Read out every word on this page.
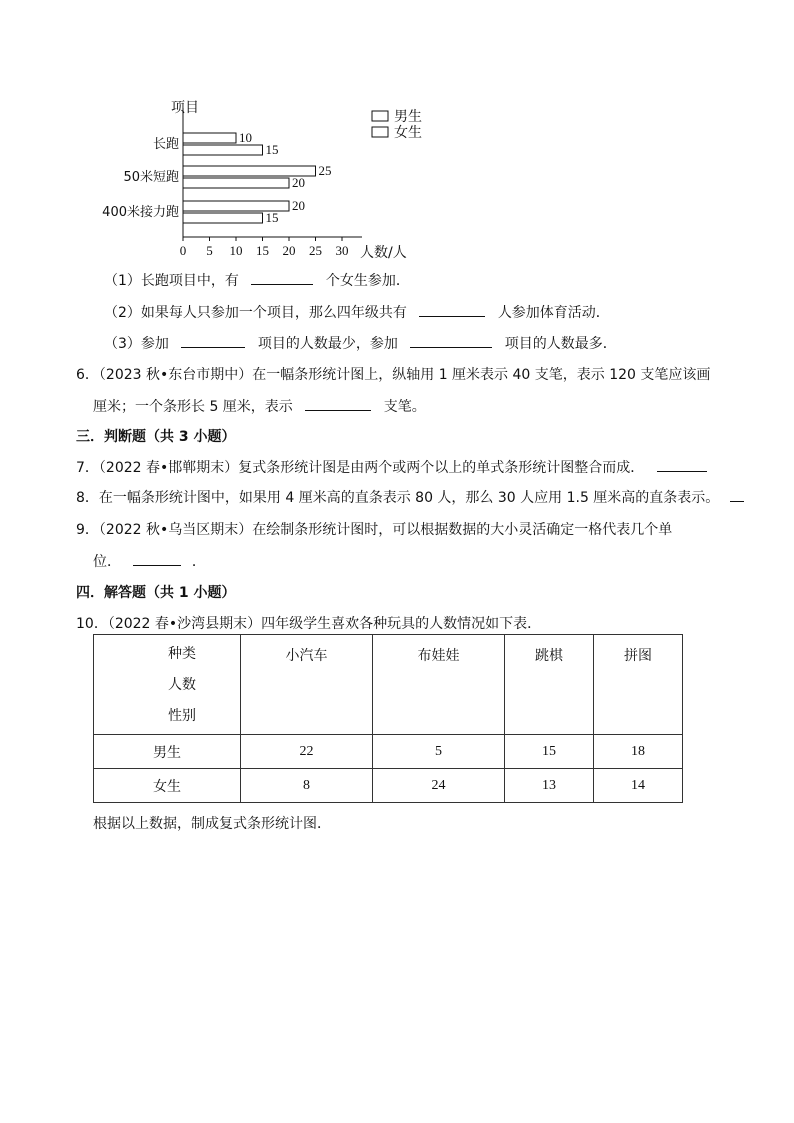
项目
人数/人
0 5 10 15 20 25 30
长跑	10
15
50米短跑	25
20
400米接力跑	20
15
男生
女生
（1）长跑项目中，有	个女生参加．
（2）如果每人只参加一个项目，那么四年级共有	人参加体育活动．
（3）参加	项目的人数最少，参加	项目的人数最多．
6．（2023 秋•东台市期中）在一幅条形统计图上，纵轴用 1 厘米表示 40 支笔，表示 120 支笔应该画
厘米；一个条形长 5 厘米，表示	支笔。
三．判断题（共 3 小题）
7．（2022 春•邯郸期末）复式条形统计图是由两个或两个以上的单式条形统计图整合而成．
8．在一幅条形统计图中，如果用 4 厘米高的直条表示 80 人，那么 30 人应用 1.5 厘米高的直条表示。
9．（2022 秋•乌当区期末）在绘制条形统计图时，可以根据数据的大小灵活确定一格代表几个单
位．	．
四．解答题（共 1 小题）
10．（2022 春•沙湾县期末）四年级学生喜欢各种玩具的人数情况如下表．
种类
人数
性别	小汽车	布娃娃	跳棋	拼图
男生	22	5	15	18
女生	8	24	13	14
根据以上数据，制成复式条形统计图．
